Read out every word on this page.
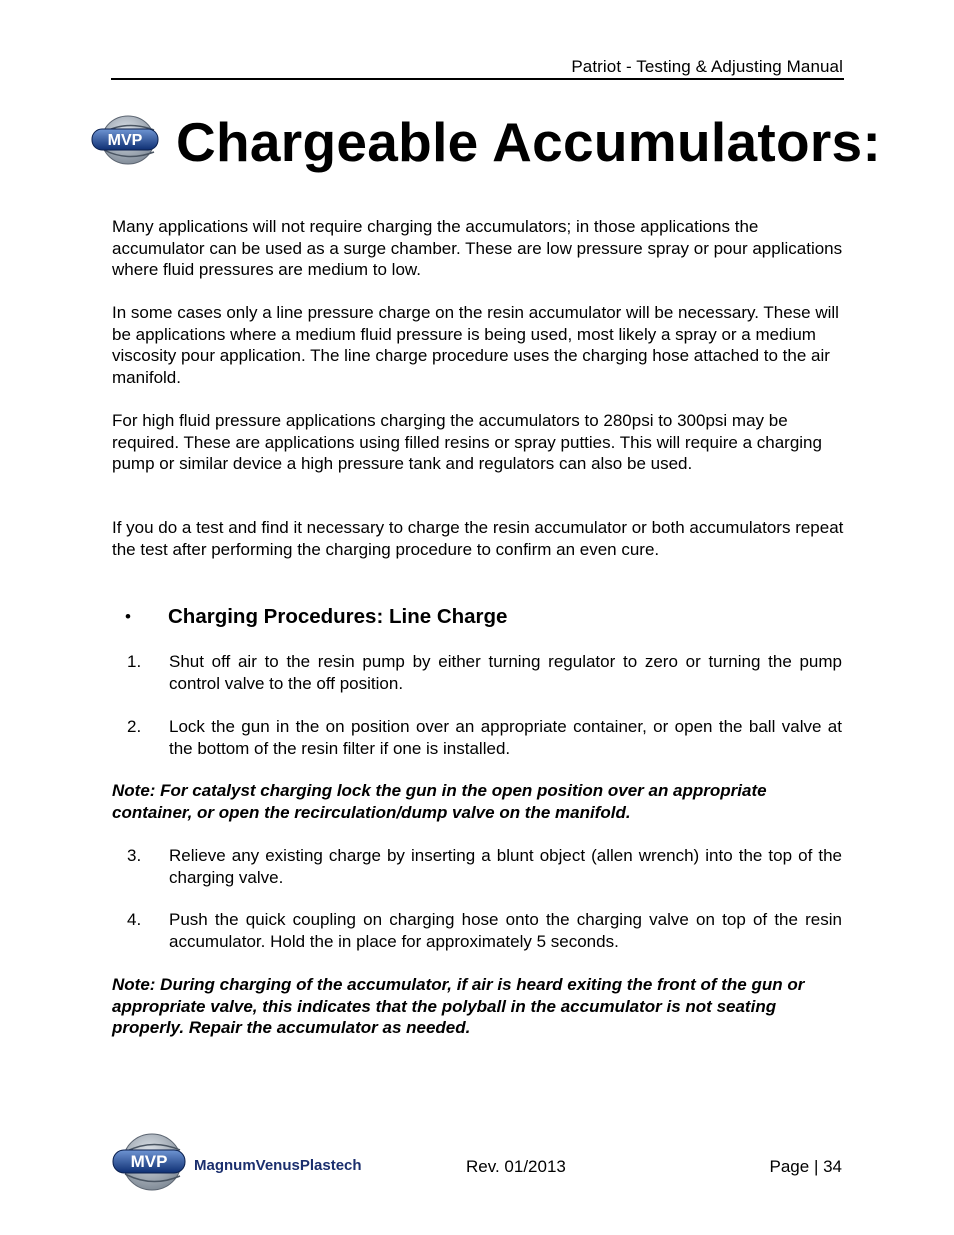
Patriot - Testing & Adjusting Manual
MVP Chargeable Accumulators:

Many applications will not require charging the accumulators; in those applications the accumulator can be used as a surge chamber. These are low pressure spray or pour applications where fluid pressures are medium to low.

In some cases only a line pressure charge on the resin accumulator will be necessary. These will be applications where a medium fluid pressure is being used, most likely a spray or a medium viscosity pour application. The line charge procedure uses the charging hose attached to the air manifold.

For high fluid pressure applications charging the accumulators to 280psi to 300psi may be required. These are applications using filled resins or spray putties. This will require a charging pump or similar device a high pressure tank and regulators can also be used.

If you do a test and find it necessary to charge the resin accumulator or both accumulators repeat the test after performing the charging procedure to confirm an even cure.

• Charging Procedures: Line Charge
1. Shut off air to the resin pump by either turning regulator to zero or turning the pump control valve to the off position.
2. Lock the gun in the on position over an appropriate container, or open the ball valve at the bottom of the resin filter if one is installed.

Note: For catalyst charging lock the gun in the open position over an appropriate container, or open the recirculation/dump valve on the manifold.

3. Relieve any existing charge by inserting a blunt object (allen wrench) into the top of the charging valve.
4. Push the quick coupling on charging hose onto the charging valve on top of the resin accumulator. Hold the in place for approximately 5 seconds.

Note: During charging of the accumulator, if air is heard exiting the front of the gun or appropriate valve, this indicates that the polyball in the accumulator is not seating properly. Repair the accumulator as needed.

MVP MagnumVenusPlastech	Rev. 01/2013	Page | 34
